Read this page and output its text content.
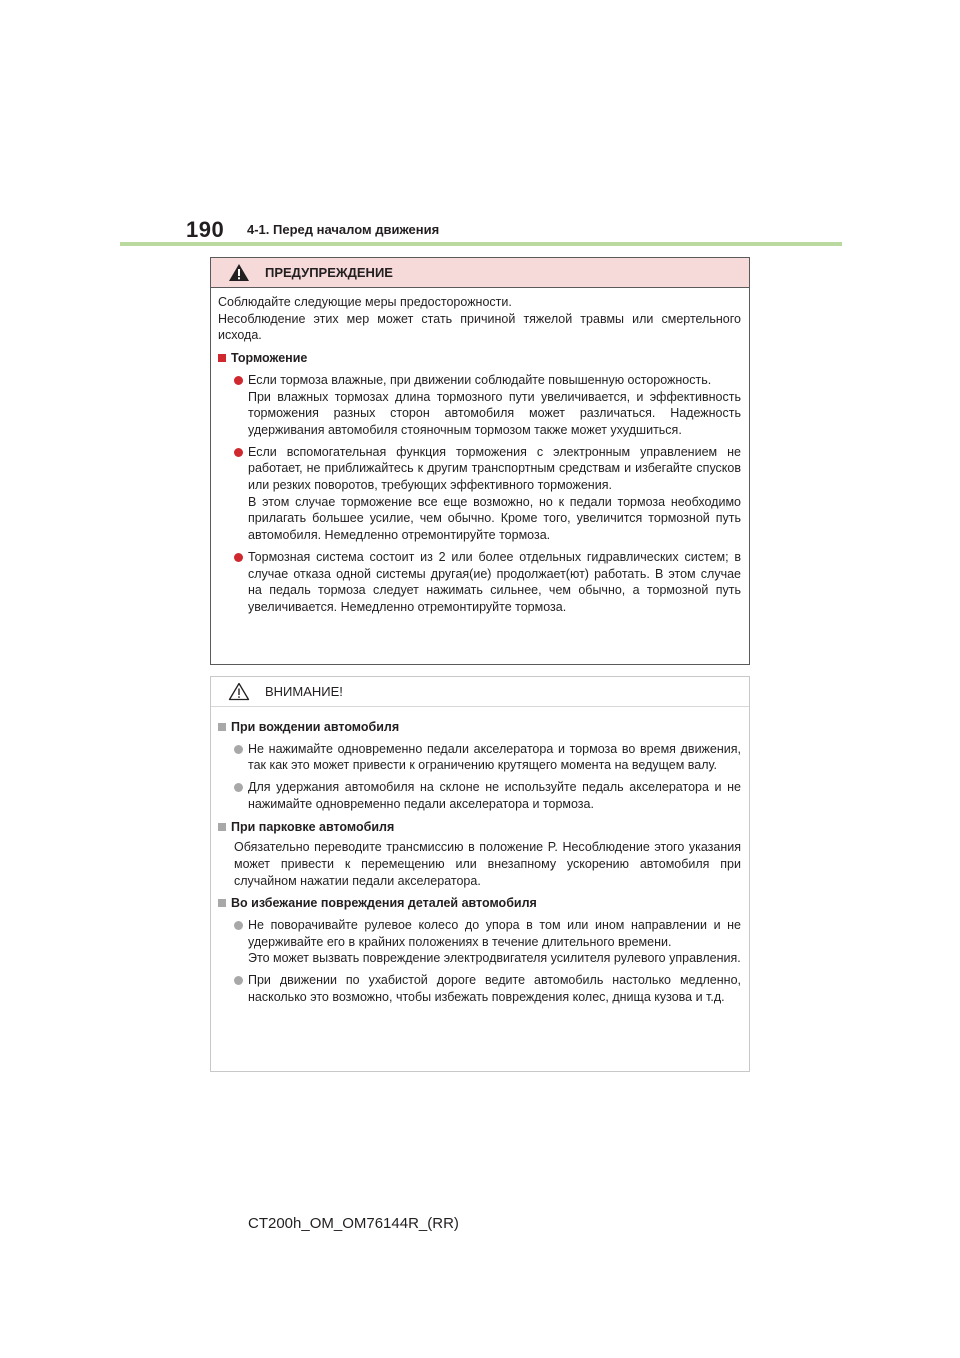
190 4-1. Перед началом движения
ПРЕДУПРЕЖДЕНИЕ

Соблюдайте следующие меры предосторожности.

Несоблюдение этих мер может стать причиной тяжелой травмы или смертельного исхода.

Торможение

Если тормоза влажные, при движении соблюдайте повышенную осторожность.

При влажных тормозах длина тормозного пути увеличивается, и эффективность торможения разных сторон автомобиля может различаться. Надежность удерживания автомобиля стояночным тормозом также может ухудшиться.

Если вспомогательная функция торможения с электронным управлением не работает, не приближайтесь к другим транспортным средствам и избегайте спусков или резких поворотов, требующих эффективного торможения.

В этом случае торможение все еще возможно, но к педали тормоза необходимо прилагать большее усилие, чем обычно. Кроме того, увеличится тормозной путь автомобиля. Немедленно отремонтируйте тормоза.

Тормозная система состоит из 2 или более отдельных гидравлических систем; в случае отказа одной системы другая(ие) продолжает(ют) работать. В этом случае на педаль тормоза следует нажимать сильнее, чем обычно, а тормозной путь увеличивается. Немедленно отремонтируйте тормоза.

ВНИМАНИЕ!
При вождении автомобиля

Не нажимайте одновременно педали акселератора и тормоза во время движения, так как это может привести к ограничению крутящего момента на ведущем валу.

Для удержания автомобиля на склоне не используйте педаль акселератора и не нажимайте одновременно педали акселератора и тормоза.

При парковке автомобиля

Обязательно переводите трансмиссию в положение P. Несоблюдение этого указания может привести к перемещению или внезапному ускорению автомобиля при случайном нажатии педали акселератора.

Во избежание повреждения деталей автомобиля

Не поворачивайте рулевое колесо до упора в том или ином направлении и не удерживайте его в крайних положениях в течение длительного времени.

Это может вызвать повреждение электродвигателя усилителя рулевого управления.

При движении по ухабистой дороге ведите автомобиль настолько медленно, насколько это возможно, чтобы избежать повреждения колес, днища кузова и т.д.

CT200h_OM_OM76144R_(RR)
